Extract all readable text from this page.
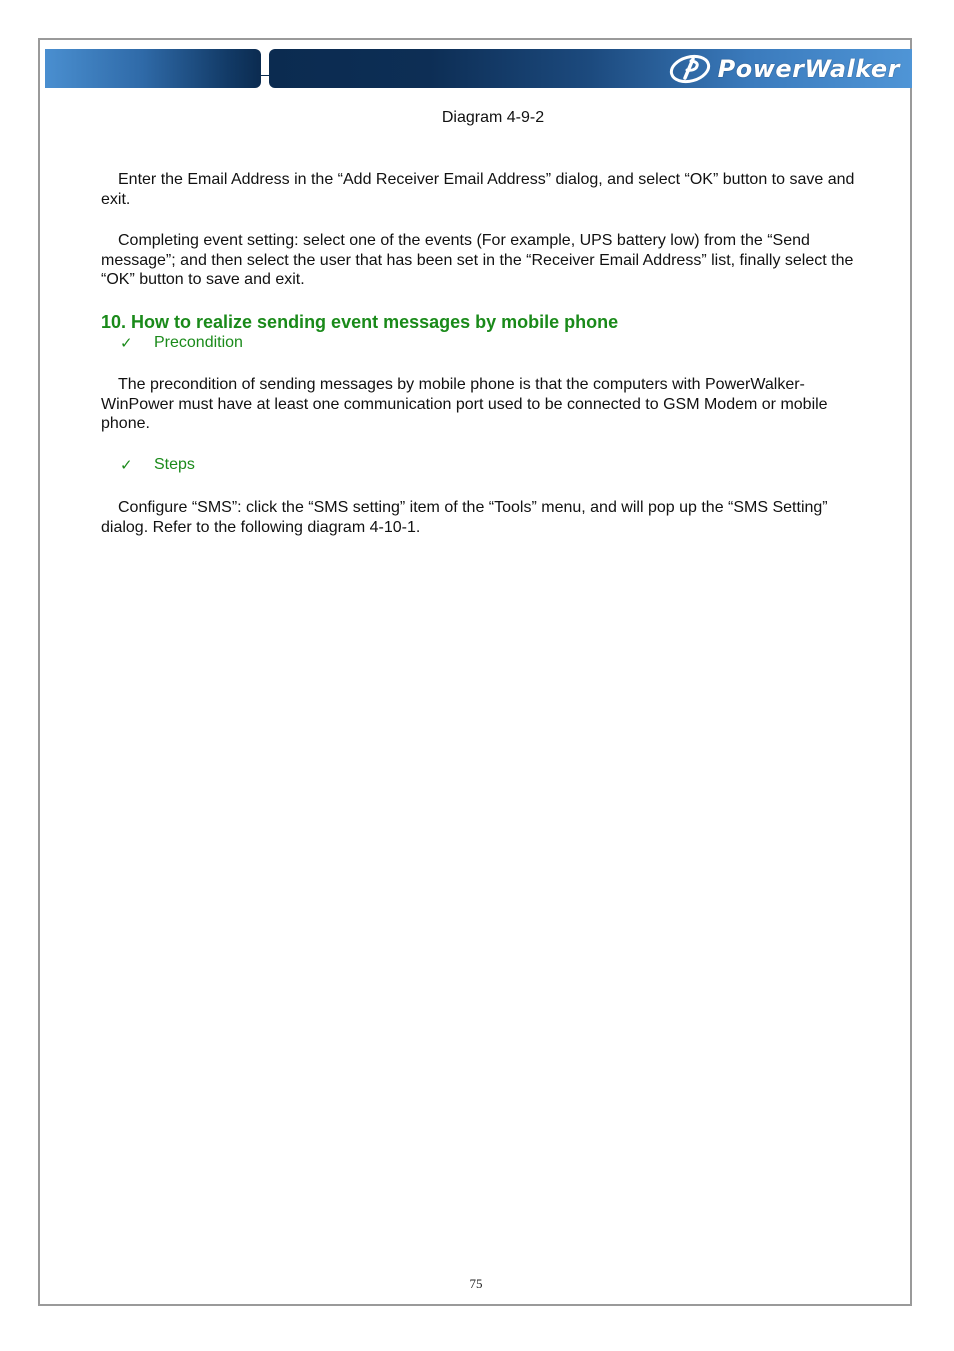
PowerWalker
Diagram 4-9-2

Enter the Email Address in the “Add Receiver Email Address” dialog, and select “OK” button to save and exit.

Completing event setting: select one of the events (For example, UPS battery low) from the “Send message”; and then select the user that has been set in the “Receiver Email Address” list, finally select the “OK” button to save and exit.

10. How to realize sending event messages by mobile phone
✓	Precondition

The precondition of sending messages by mobile phone is that the computers with PowerWalker-WinPower must have at least one communication port used to be connected to GSM Modem or mobile phone.

✓	Steps

Configure “SMS”: click the “SMS setting” item of the “Tools” menu, and will pop up the “SMS Setting” dialog. Refer to the following diagram 4-10-1.

75
